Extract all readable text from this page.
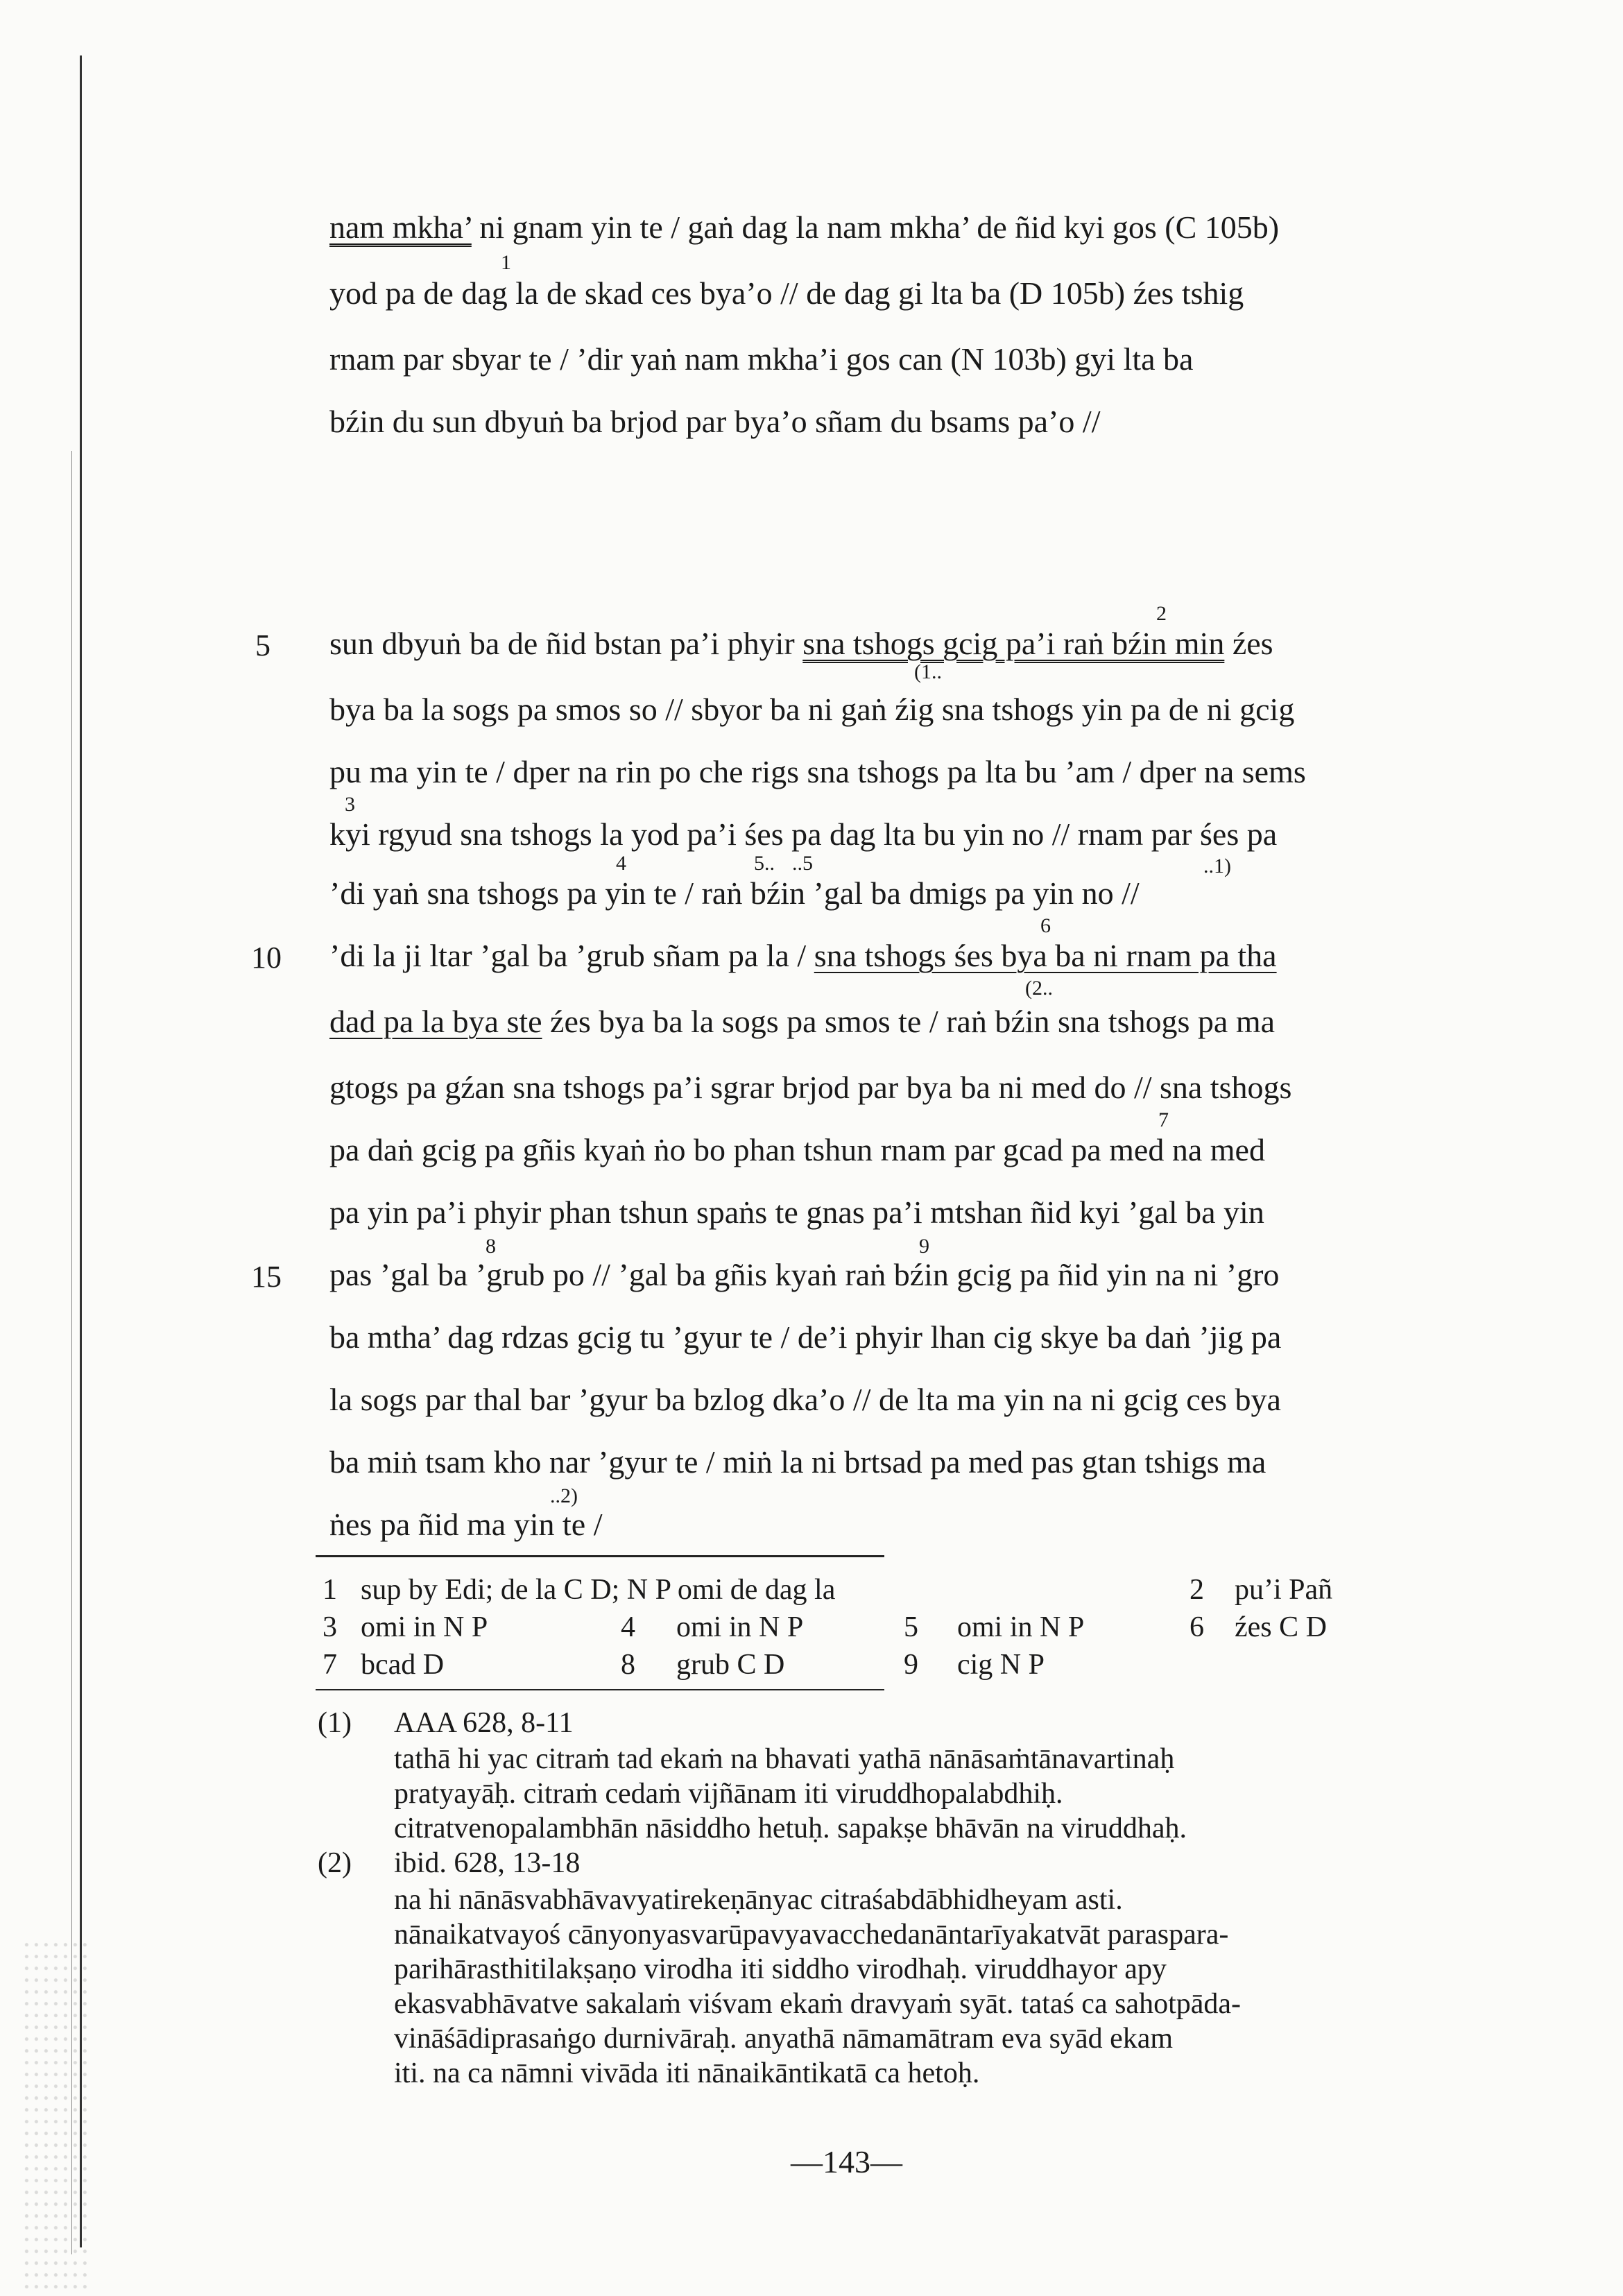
nam mkha’ ni gnam yin te / gaṅ dag la nam mkha’ de ñid kyi gos (C 105b)
yod pa de dag la de skad ces bya’o // de dag gi lta ba (D 105b) źes tshig
rnam par sbyar te / ’dir yaṅ nam mkha’i gos can (N 103b) gyi lta ba
bźin du sun dbyuṅ ba brjod par bya’o sñam du bsams pa’o //
sun dbyuṅ ba de ñid bstan pa’i phyir sna tshogs gcig pa’i raṅ bźin min źes
bya ba la sogs pa smos so // sbyor ba ni gaṅ źig sna tshogs yin pa de ni gcig
pu ma yin te / dper na rin po che rigs sna tshogs pa lta bu ’am / dper na sems
kyi rgyud sna tshogs la yod pa’i śes pa dag lta bu yin no // rnam par śes pa
’di yaṅ sna tshogs pa yin te / raṅ bźin ’gal ba dmigs pa yin no //
’di la ji ltar ’gal ba ’grub sñam pa la / sna tshogs śes bya ba ni rnam pa tha
dad pa la bya ste źes bya ba la sogs pa smos te / raṅ bźin sna tshogs pa ma
gtogs pa gźan sna tshogs pa’i sgrar brjod par bya ba ni med do // sna tshogs
pa daṅ gcig pa gñis kyaṅ ṅo bo phan tshun rnam par gcad pa med na med
pa yin pa’i phyir phan tshun spaṅs te gnas pa’i mtshan ñid kyi ’gal ba yin
pas ’gal ba ’grub po // ’gal ba gñis kyaṅ raṅ bźin gcig pa ñid yin na ni ’gro
ba mtha’ dag rdzas gcig tu ’gyur te / de’i phyir lhan cig skye ba daṅ ’jig pa
la sogs par thal bar ’gyur ba bzlog dka’o // de lta ma yin na ni gcig ces bya
ba miṅ tsam kho nar ’gyur te / miṅ la ni brtsad pa med pas gtan tshigs ma
ṅes pa ñid ma yin te /
5
10
15
1
2
(1..
3
4	5.. ..5	..1)
6
(2..
7
8	9
..2)
1 sup by Edi; de la C D; N P omi de dag la	2 pu’i Pañ
3 omi in N P	4 omi in N P	5 omi in N P	6 źes C D
7 bcad D	8 grub C D	9 cig N P
(1) AAA 628, 8-11
tathā hi yac citraṁ tad ekaṁ na bhavati yathā nānāsaṁtānavartinaḥ
pratyayāḥ. citraṁ cedaṁ vijñānam iti viruddhopalabdhiḥ.
citratvenopalambhān nāsiddho hetuḥ. sapakṣe bhāvān na viruddhaḥ.
(2) ibid. 628, 13-18
na hi nānāsvabhāvavyatirekeṇānyac citraśabdābhidheyam asti.
nānaikatvayoś cānyonyasvarūpavyavacchedanāntarīyakatvāt paraspara-
parihārasthitilakṣaṇo virodha iti siddho virodhaḥ. viruddhayor apy
ekasvabhāvatve sakalaṁ viśvam ekaṁ dravyaṁ syāt. tataś ca sahotpāda-
vināśādiprasaṅgo durnivāraḥ. anyathā nāmamātram eva syād ekam
iti. na ca nāmni vivāda iti nānaikāntikatā ca hetoḥ.
—143—
